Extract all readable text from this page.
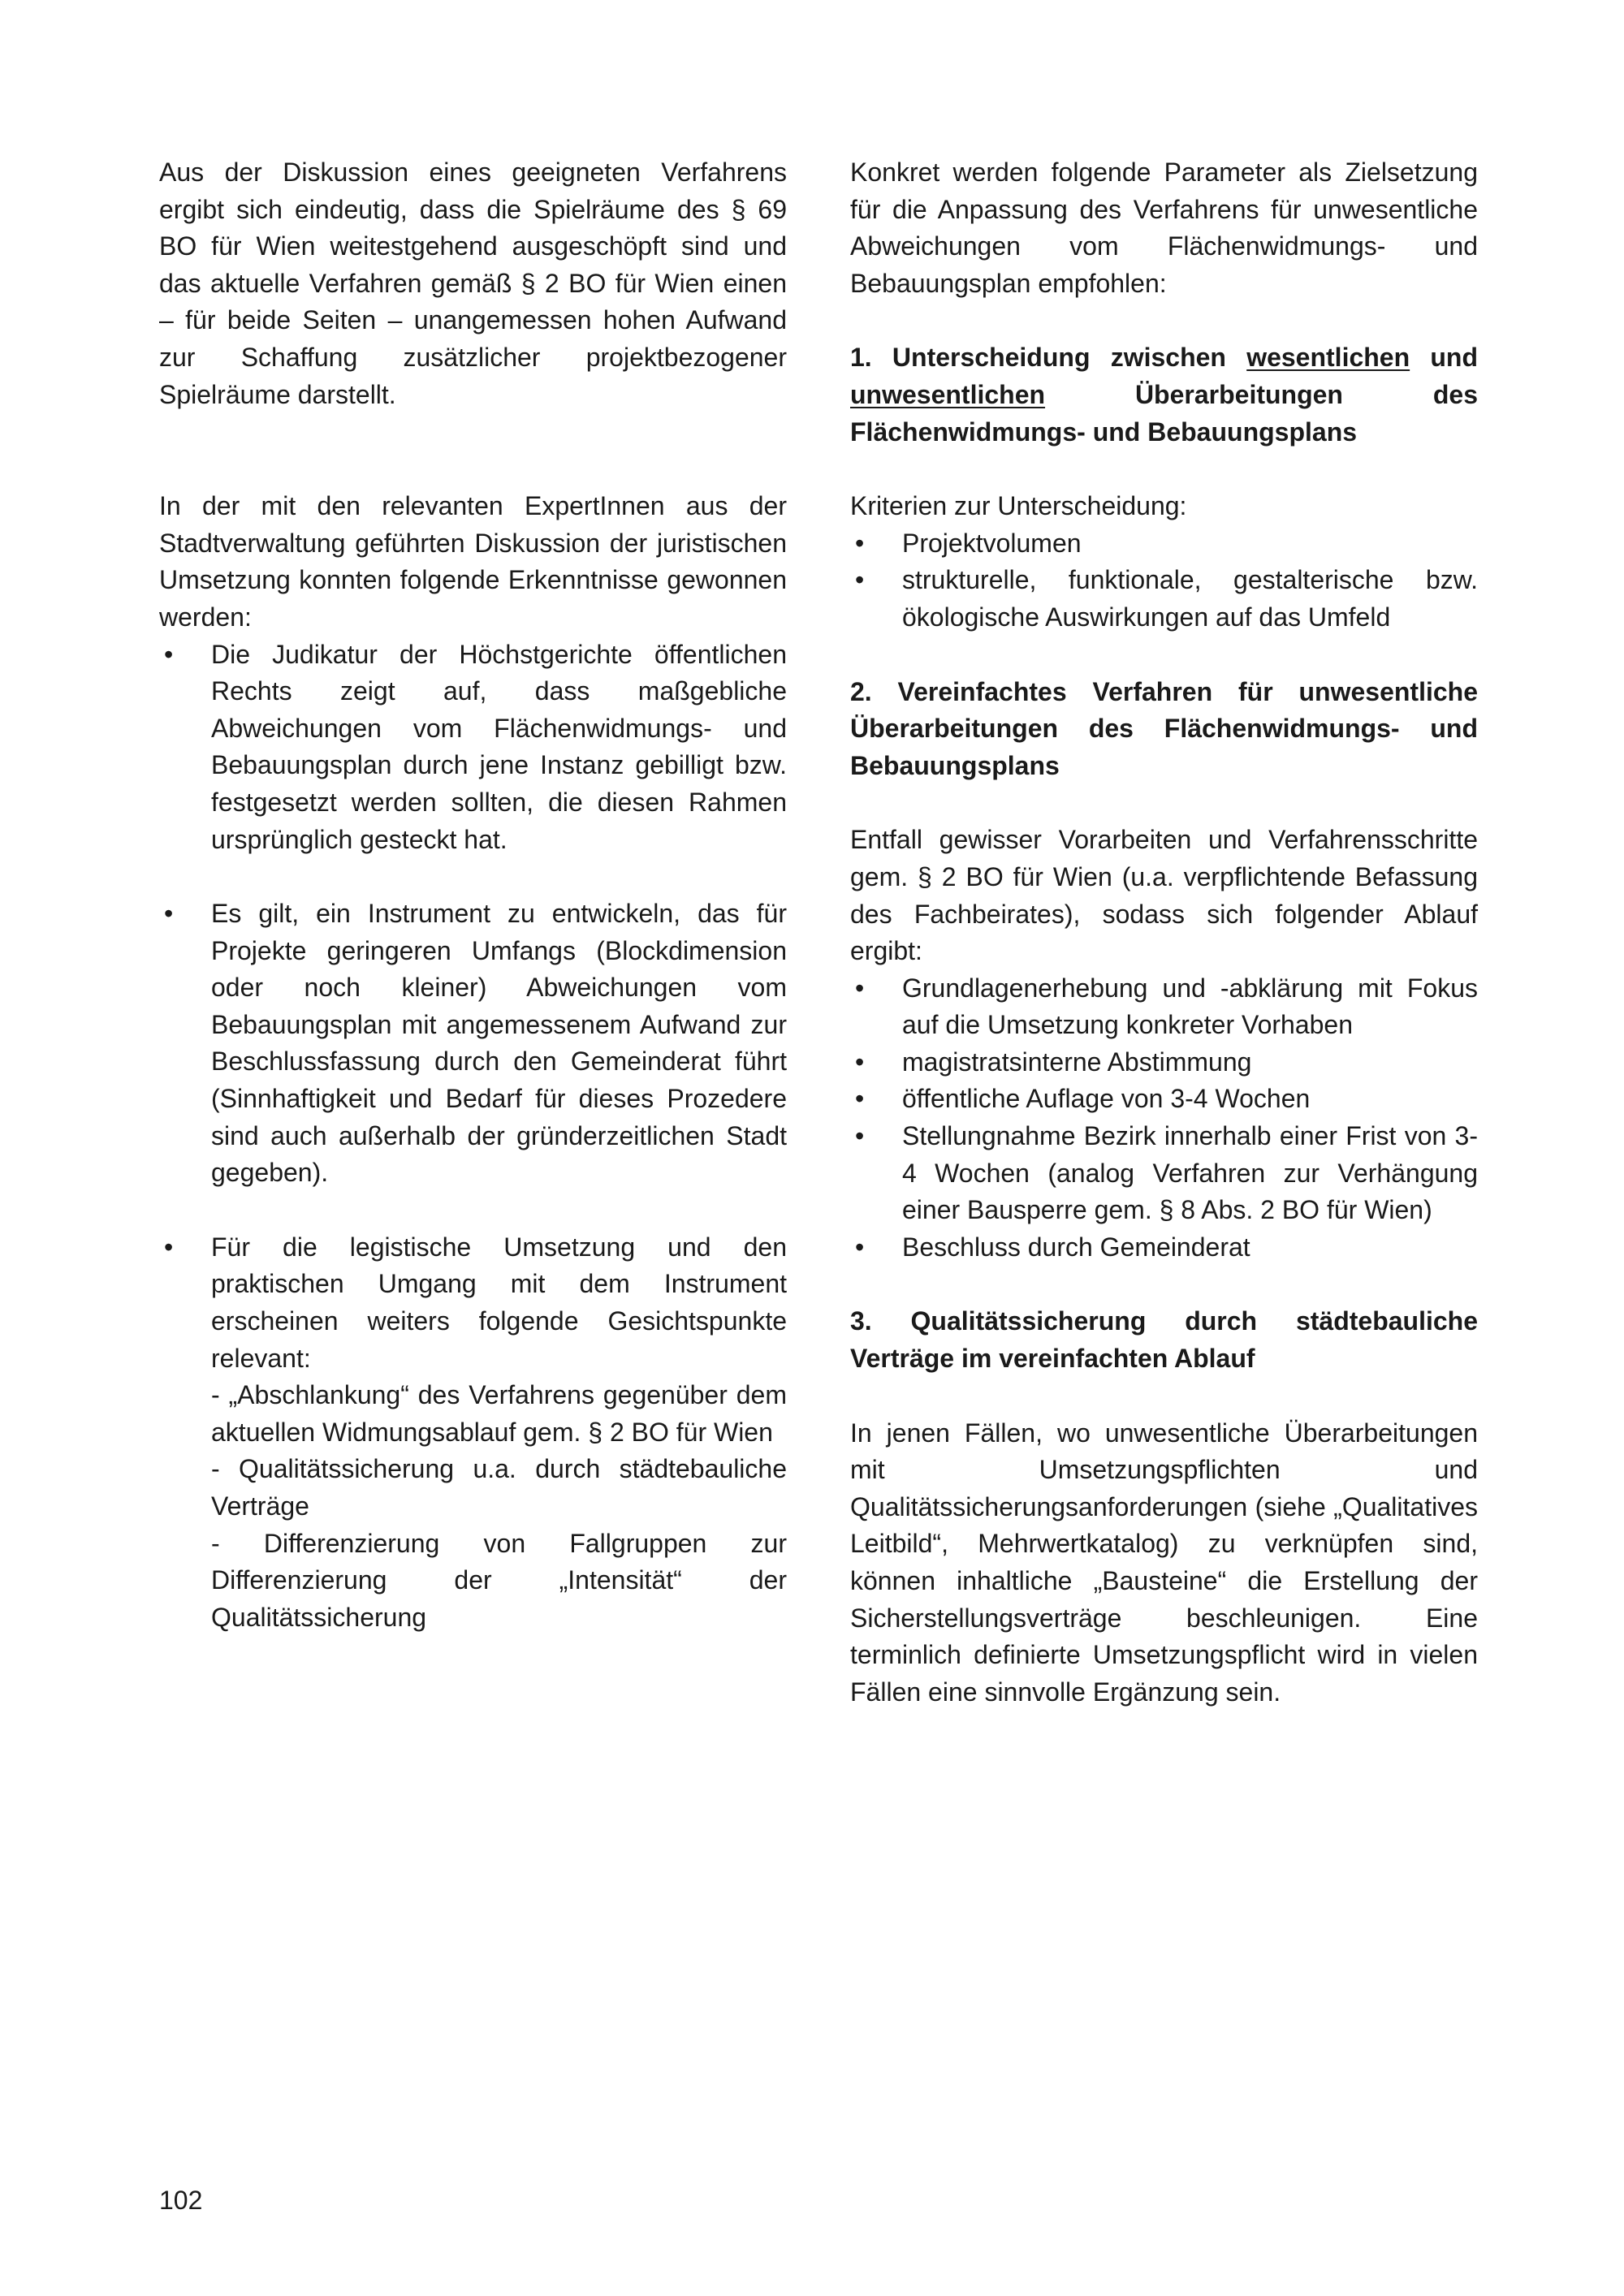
Aus der Diskussion eines geeigneten Verfahrens ergibt sich eindeutig, dass die Spielräume des § 69 BO für Wien weitestgehend ausgeschöpft sind und das aktuelle Verfahren gemäß § 2 BO für Wien einen – für beide Seiten – unangemessen hohen Aufwand zur Schaffung zusätzlicher projektbezogener Spielräume darstellt.

In der mit den relevanten ExpertInnen aus der Stadtverwaltung geführten Diskussion der juristischen Umsetzung konnten folgende Erkenntnisse gewonnen werden:

• Die Judikatur der Höchstgerichte öffentlichen Rechts zeigt auf, dass maßgebliche Abweichungen vom Flächenwidmungs- und Bebauungsplan durch jene Instanz gebilligt bzw. festgesetzt werden sollten, die diesen Rahmen ursprünglich gesteckt hat.
• Es gilt, ein Instrument zu entwickeln, das für Projekte geringeren Umfangs (Blockdimension oder noch kleiner) Abweichungen vom Bebauungsplan mit angemessenem Aufwand zur Beschlussfassung durch den Gemeinderat führt (Sinnhaftigkeit und Bedarf für dieses Prozedere sind auch außerhalb der gründerzeitlichen Stadt gegeben).
• Für die legistische Umsetzung und den praktischen Umgang mit dem Instrument erscheinen weiters folgende Gesichtspunkte relevant:
- „Abschlankung“ des Verfahrens gegenüber dem aktuellen Widmungsablauf gem. § 2 BO für Wien
- Qualitätssicherung u.a. durch städtebauliche Verträge
- Differenzierung von Fallgruppen zur Differenzierung der „Intensität“ der Qualitätssicherung

Konkret werden folgende Parameter als Zielsetzung für die Anpassung des Verfahrens für unwesentliche Abweichungen vom Flächenwidmungs- und Bebauungsplan empfohlen:

1. Unterscheidung zwischen wesentlichen und unwesentlichen Überarbeitungen des Flächenwidmungs- und Bebauungsplans

Kriterien zur Unterscheidung:

• Projektvolumen
• strukturelle, funktionale, gestalterische bzw. ökologische Auswirkungen auf das Umfeld

2. Vereinfachtes Verfahren für unwesentliche Überarbeitungen des Flächenwidmungs- und Bebauungsplans

Entfall gewisser Vorarbeiten und Verfahrensschritte gem. § 2 BO für Wien (u.a. verpflichtende Befassung des Fachbeirates), sodass sich folgender Ablauf ergibt:

• Grundlagenerhebung und -abklärung mit Fokus auf die Umsetzung konkreter Vorhaben
• magistratsinterne Abstimmung
• öffentliche Auflage von 3-4 Wochen
• Stellungnahme Bezirk innerhalb einer Frist von 3-4 Wochen (analog Verfahren zur Verhängung einer Bausperre gem. § 8 Abs. 2 BO für Wien)
• Beschluss durch Gemeinderat

3. Qualitätssicherung durch städtebauliche Verträge im vereinfachten Ablauf

In jenen Fällen, wo unwesentliche Überarbeitungen mit Umsetzungspflichten und Qualitätssicherungsanforderungen (siehe „Qualitatives Leitbild“, Mehrwertkatalog) zu verknüpfen sind, können inhaltliche „Bausteine“ die Erstellung der Sicherstellungsverträge beschleunigen. Eine terminlich definierte Umsetzungspflicht wird in vielen Fällen eine sinnvolle Ergänzung sein.

102
